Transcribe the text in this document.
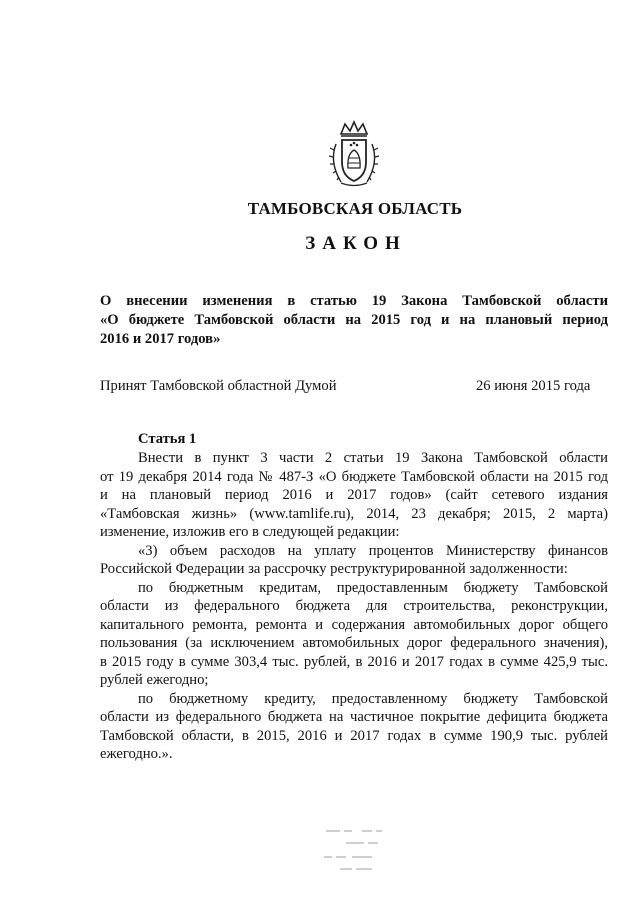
ТАМБОВСКАЯ ОБЛАСТЬ
ЗАКОН
О внесении изменения в статью 19 Закона Тамбовской области
«О бюджете Тамбовской области на 2015 год и на плановый период
2016 и 2017 годов»
Принят Тамбовской областной Думой	26 июня 2015 года
Статья 1
Внести в пункт 3 части 2 статьи 19 Закона Тамбовской области
от 19 декабря 2014 года № 487-З «О бюджете Тамбовской области на 2015 год
и на плановый период 2016 и 2017 годов» (сайт сетевого издания
«Тамбовская жизнь» (www.tamlife.ru), 2014, 23 декабря; 2015, 2 марта)
изменение, изложив его в следующей редакции:
«3) объем расходов на уплату процентов Министерству финансов
Российской Федерации за рассрочку реструктурированной задолженности:
по бюджетным кредитам, предоставленным бюджету Тамбовской
области из федерального бюджета для строительства, реконструкции,
капитального ремонта, ремонта и содержания автомобильных дорог общего
пользования (за исключением автомобильных дорог федерального значения),
в 2015 году в сумме 303,4 тыс. рублей, в 2016 и 2017 годах в сумме 425,9 тыс.
рублей ежегодно;
по бюджетному кредиту, предоставленному бюджету Тамбовской
области из федерального бюджета на частичное покрытие дефицита бюджета
Тамбовской области, в 2015, 2016 и 2017 годах в сумме 190,9 тыс. рублей
ежегодно.».
